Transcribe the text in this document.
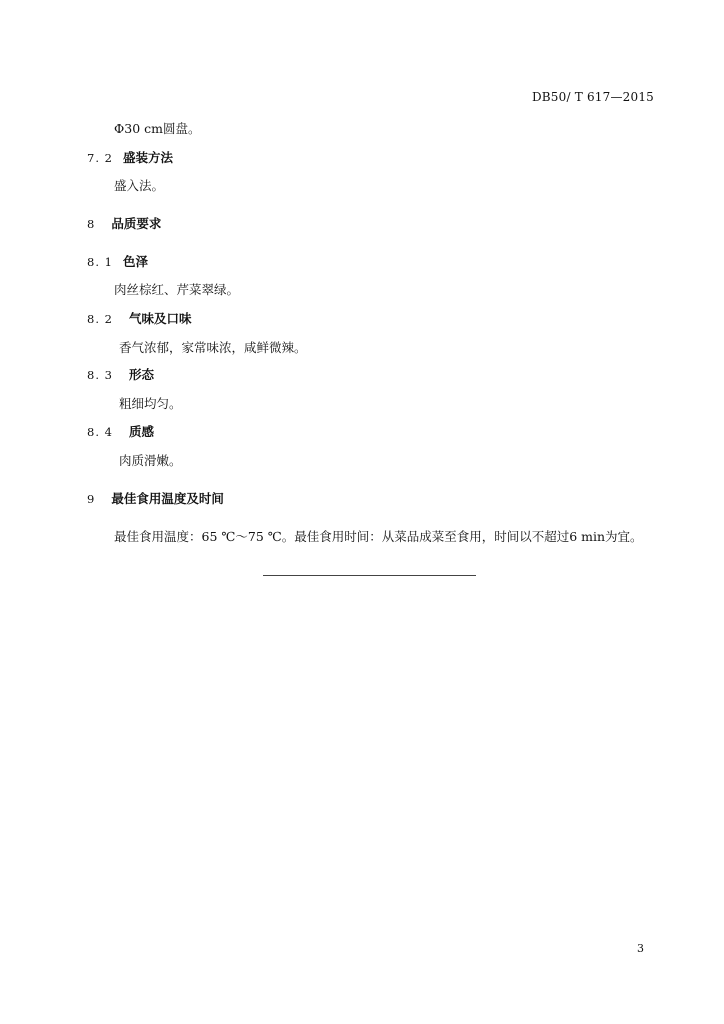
DB50/ T 617—2015
Φ30 cm圆盘。
7. 2 盛装方法
盛入法。
8 品质要求
8. 1 色泽
肉丝棕红、芹菜翠绿。
8. 2 气味及口味
香气浓郁，家常味浓，咸鲜微辣。
8. 3 形态
粗细均匀。
8. 4 质感
肉质滑嫩。
9 最佳食用温度及时间
最佳食用温度：65 ℃～75 ℃。最佳食用时间：从菜品成菜至食用，时间以不超过6 min为宜。
3
